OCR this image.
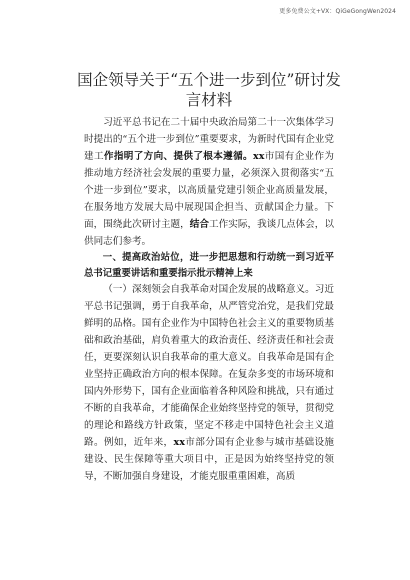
更多免费公文+VX：QiGeGongWen2024
国企领导关于“五个进一步到位”研讨发言材料

习近平总书记在二十届中央政治局第二十一次集体学习时提出的“五个进一步到位”重要要求，为新时代国有企业党建工作指明了方向、提供了根本遵循。xx市国有企业作为推动地方经济社会发展的重要力量，必须深入贯彻落实“五个进一步到位”要求，以高质量党建引领企业高质量发展，在服务地方发展大局中展现国企担当、贡献国企力量。下面，围绕此次研讨主题，结合工作实际，我谈几点体会，以供同志们参考。

一、提高政治站位，进一步把思想和行动统一到习近平总书记重要讲话和重要指示批示精神上来

（一）深刻领会自我革命对国企发展的战略意义。习近平总书记强调，勇于自我革命，从严管党治党，是我们党最鲜明的品格。国有企业作为中国特色社会主义的重要物质基础和政治基础，肩负着重大的政治责任、经济责任和社会责任，更要深刻认识自我革命的重大意义。自我革命是国有企业坚持正确政治方向的根本保障。在复杂多变的市场环境和国内外形势下，国有企业面临着各种风险和挑战，只有通过不断的自我革命，才能确保企业始终坚持党的领导，贯彻党的理论和路线方针政策，坚定不移走中国特色社会主义道路。例如，近年来，xx市部分国有企业参与城市基础设施建设、民生保障等重大项目中，正是因为始终坚持党的领导，不断加强自身建设，才能克服重重困难，高质
